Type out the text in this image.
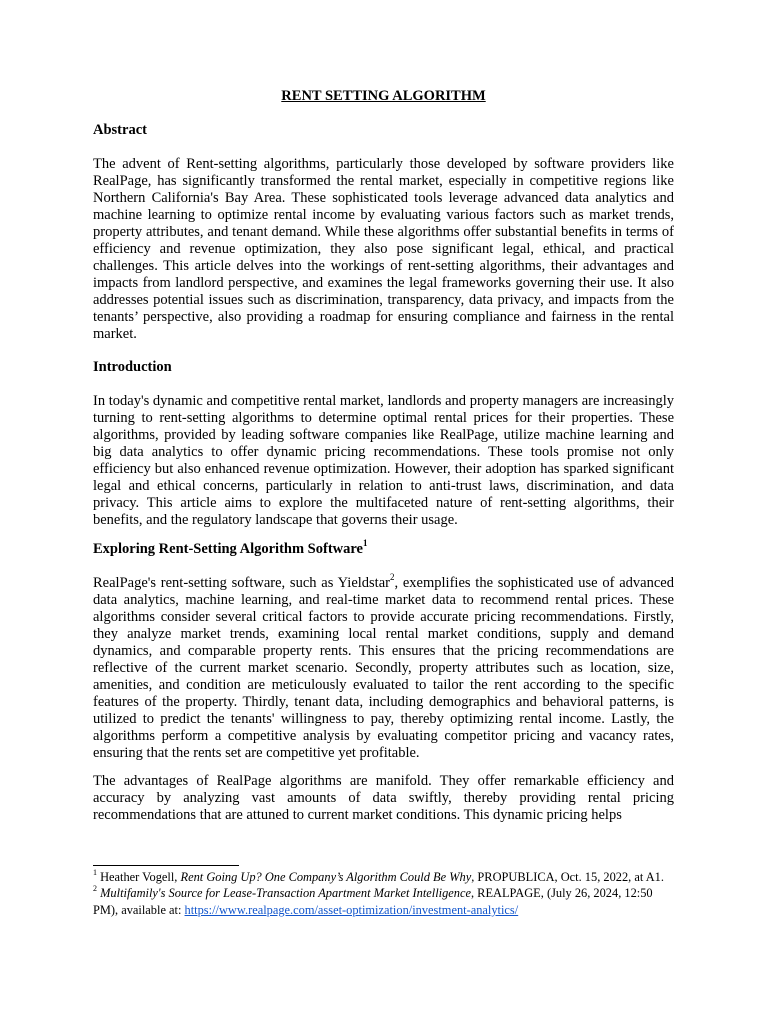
RENT SETTING ALGORITHM

Abstract

The advent of Rent-setting algorithms, particularly those developed by software providers like RealPage, has significantly transformed the rental market, especially in competitive regions like Northern California's Bay Area. These sophisticated tools leverage advanced data analytics and machine learning to optimize rental income by evaluating various factors such as market trends, property attributes, and tenant demand. While these algorithms offer substantial benefits in terms of efficiency and revenue optimization, they also pose significant legal, ethical, and practical challenges. This article delves into the workings of rent-setting algorithms, their advantages and impacts from landlord perspective, and examines the legal frameworks governing their use. It also addresses potential issues such as discrimination, transparency, data privacy, and impacts from the tenants’ perspective, also providing a roadmap for ensuring compliance and fairness in the rental market.

Introduction

In today's dynamic and competitive rental market, landlords and property managers are increasingly turning to rent-setting algorithms to determine optimal rental prices for their properties. These algorithms, provided by leading software companies like RealPage, utilize machine learning and big data analytics to offer dynamic pricing recommendations. These tools promise not only efficiency but also enhanced revenue optimization. However, their adoption has sparked significant legal and ethical concerns, particularly in relation to anti-trust laws, discrimination, and data privacy. This article aims to explore the multifaceted nature of rent-setting algorithms, their benefits, and the regulatory landscape that governs their usage.

Exploring Rent-Setting Algorithm Software$^1$

RealPage's rent-setting software, such as Yieldstar$^2$, exemplifies the sophisticated use of advanced data analytics, machine learning, and real-time market data to recommend rental prices. These algorithms consider several critical factors to provide accurate pricing recommendations. Firstly, they analyze market trends, examining local rental market conditions, supply and demand dynamics, and comparable property rents. This ensures that the pricing recommendations are reflective of the current market scenario. Secondly, property attributes such as location, size, amenities, and condition are meticulously evaluated to tailor the rent according to the specific features of the property. Thirdly, tenant data, including demographics and behavioral patterns, is utilized to predict the tenants' willingness to pay, thereby optimizing rental income. Lastly, the algorithms perform a competitive analysis by evaluating competitor pricing and vacancy rates, ensuring that the rents set are competitive yet profitable.

The advantages of RealPage algorithms are manifold. They offer remarkable efficiency and accuracy by analyzing vast amounts of data swiftly, thereby providing rental pricing recommendations that are attuned to current market conditions. This dynamic pricing helps

$^1$ Heather Vogell, Rent Going Up? One Company’s Algorithm Could Be Why, PROPUBLICA, Oct. 15, 2022, at A1.

$^2$ Multifamily's Source for Lease-Transaction Apartment Market Intelligence, REALPAGE, (July 26, 2024, 12:50 PM), available at: https://www.realpage.com/asset-optimization/investment-analytics/
